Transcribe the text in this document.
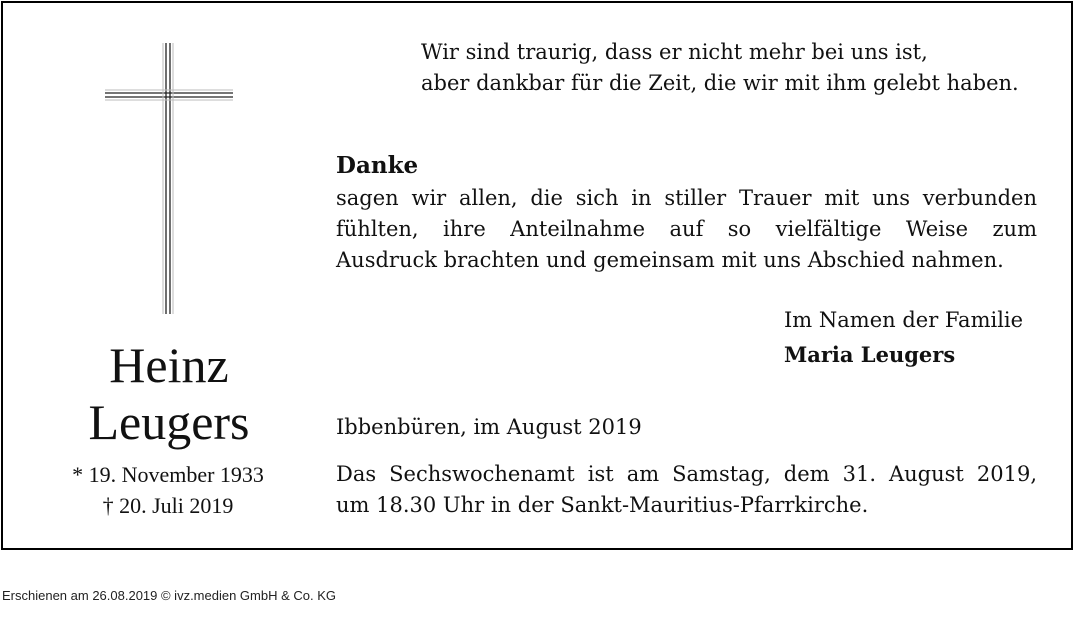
Heinz
Leugers
* 19. November 1933
† 20. Juli 2019
Wir sind traurig, dass er nicht mehr bei uns ist,
aber dankbar für die Zeit, die wir mit ihm gelebt haben.
Danke
sagen wir allen, die sich in stiller Trauer mit uns verbunden
fühlten, ihre Anteilnahme auf so vielfältige Weise zum
Ausdruck brachten und gemeinsam mit uns Abschied nahmen.
Im Namen der Familie
Maria Leugers
Ibbenbüren, im August 2019
Das Sechswochenamt ist am Samstag, dem 31. August 2019,
um 18.30 Uhr in der Sankt-Mauritius-Pfarrkirche.
Erschienen am 26.08.2019 © ivz.medien GmbH & Co. KG
